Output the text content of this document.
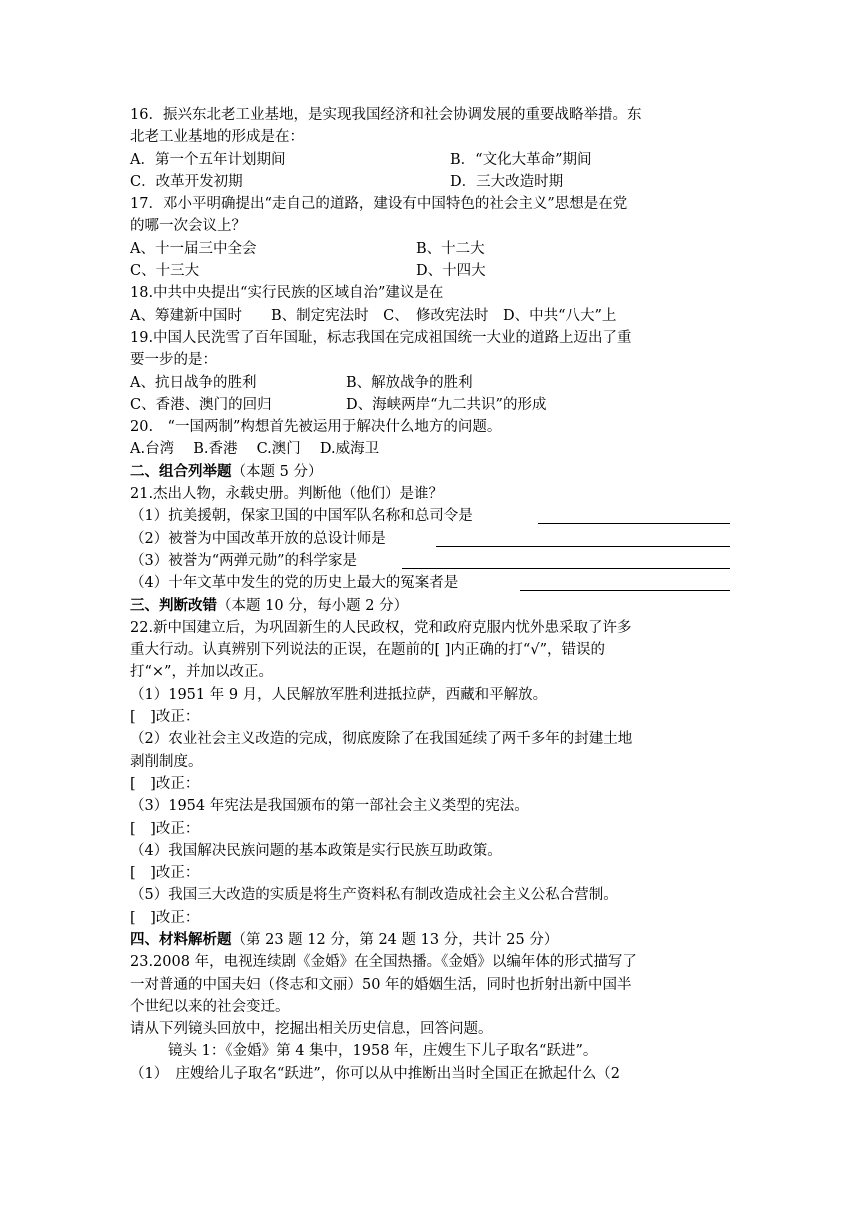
16．振兴东北老工业基地，是实现我国经济和社会协调发展的重要战略举措。东
北老工业基地的形成是在：
A．第一个五年计划期间	B．“文化大革命”期间
C．改革开发初期	D．三大改造时期
17．邓小平明确提出“走自己的道路，建设有中国特色的社会主义”思想是在党
的哪一次会议上？
A、十一届三中全会	B、十二大
C、十三大	D、十四大
18.中共中央提出“实行民族的区域自治”建议是在
A、筹建新中国时　　B、制定宪法时　C、　修改宪法时　D、中共“八大”上
19.中国人民洗雪了百年国耻，标志我国在完成祖国统一大业的道路上迈出了重
要一步的是：
A、抗日战争的胜利	B、解放战争的胜利
C、香港、澳门的回归	D、海峡两岸“九二共识”的形成
20.　“一国两制”构想首先被运用于解决什么地方的问题。
A.台湾　 B.香港　 C.澳门　 D.威海卫
二、组合列举题（本题 5 分）
21.杰出人物，永载史册。判断他（他们）是谁？
（1）抗美援朝，保家卫国的中国军队名称和总司令是
（2）被誉为中国改革开放的总设计师是
（3）被誉为“两弹元勋”的科学家是
（4）十年文革中发生的党的历史上最大的冤案者是
三、判断改错（本题 10 分，每小题 2 分）
22.新中国建立后，为巩固新生的人民政权，党和政府克服内忧外患采取了许多
重大行动。认真辨别下列说法的正误，在题前的[ ]内正确的打“√”，错误的
打“×”，并加以改正。
（1）1951 年 9 月，人民解放军胜利进抵拉萨，西藏和平解放。
[　]改正：
（2）农业社会主义改造的完成，彻底废除了在我国延续了两千多年的封建土地
剥削制度。
[　]改正：
（3）1954 年宪法是我国颁布的第一部社会主义类型的宪法。
[　]改正：
（4）我国解决民族问题的基本政策是实行民族互助政策。
[　]改正：
（5）我国三大改造的实质是将生产资料私有制改造成社会主义公私合营制。
[　]改正：
四、材料解析题（第 23 题 12 分，第 24 题 13 分，共计 25 分）
23.2008 年，电视连续剧《金婚》在全国热播。《金婚》以编年体的形式描写了
一对普通的中国夫妇（佟志和文丽）50 年的婚姻生活，同时也折射出新中国半
个世纪以来的社会变迁。
请从下列镜头回放中，挖掘出相关历史信息，回答问题。
镜头 1：《金婚》第 4 集中，1958 年，庄嫂生下儿子取名“跃进”。
（1）　庄嫂给儿子取名“跃进”，你可以从中推断出当时全国正在掀起什么（2
